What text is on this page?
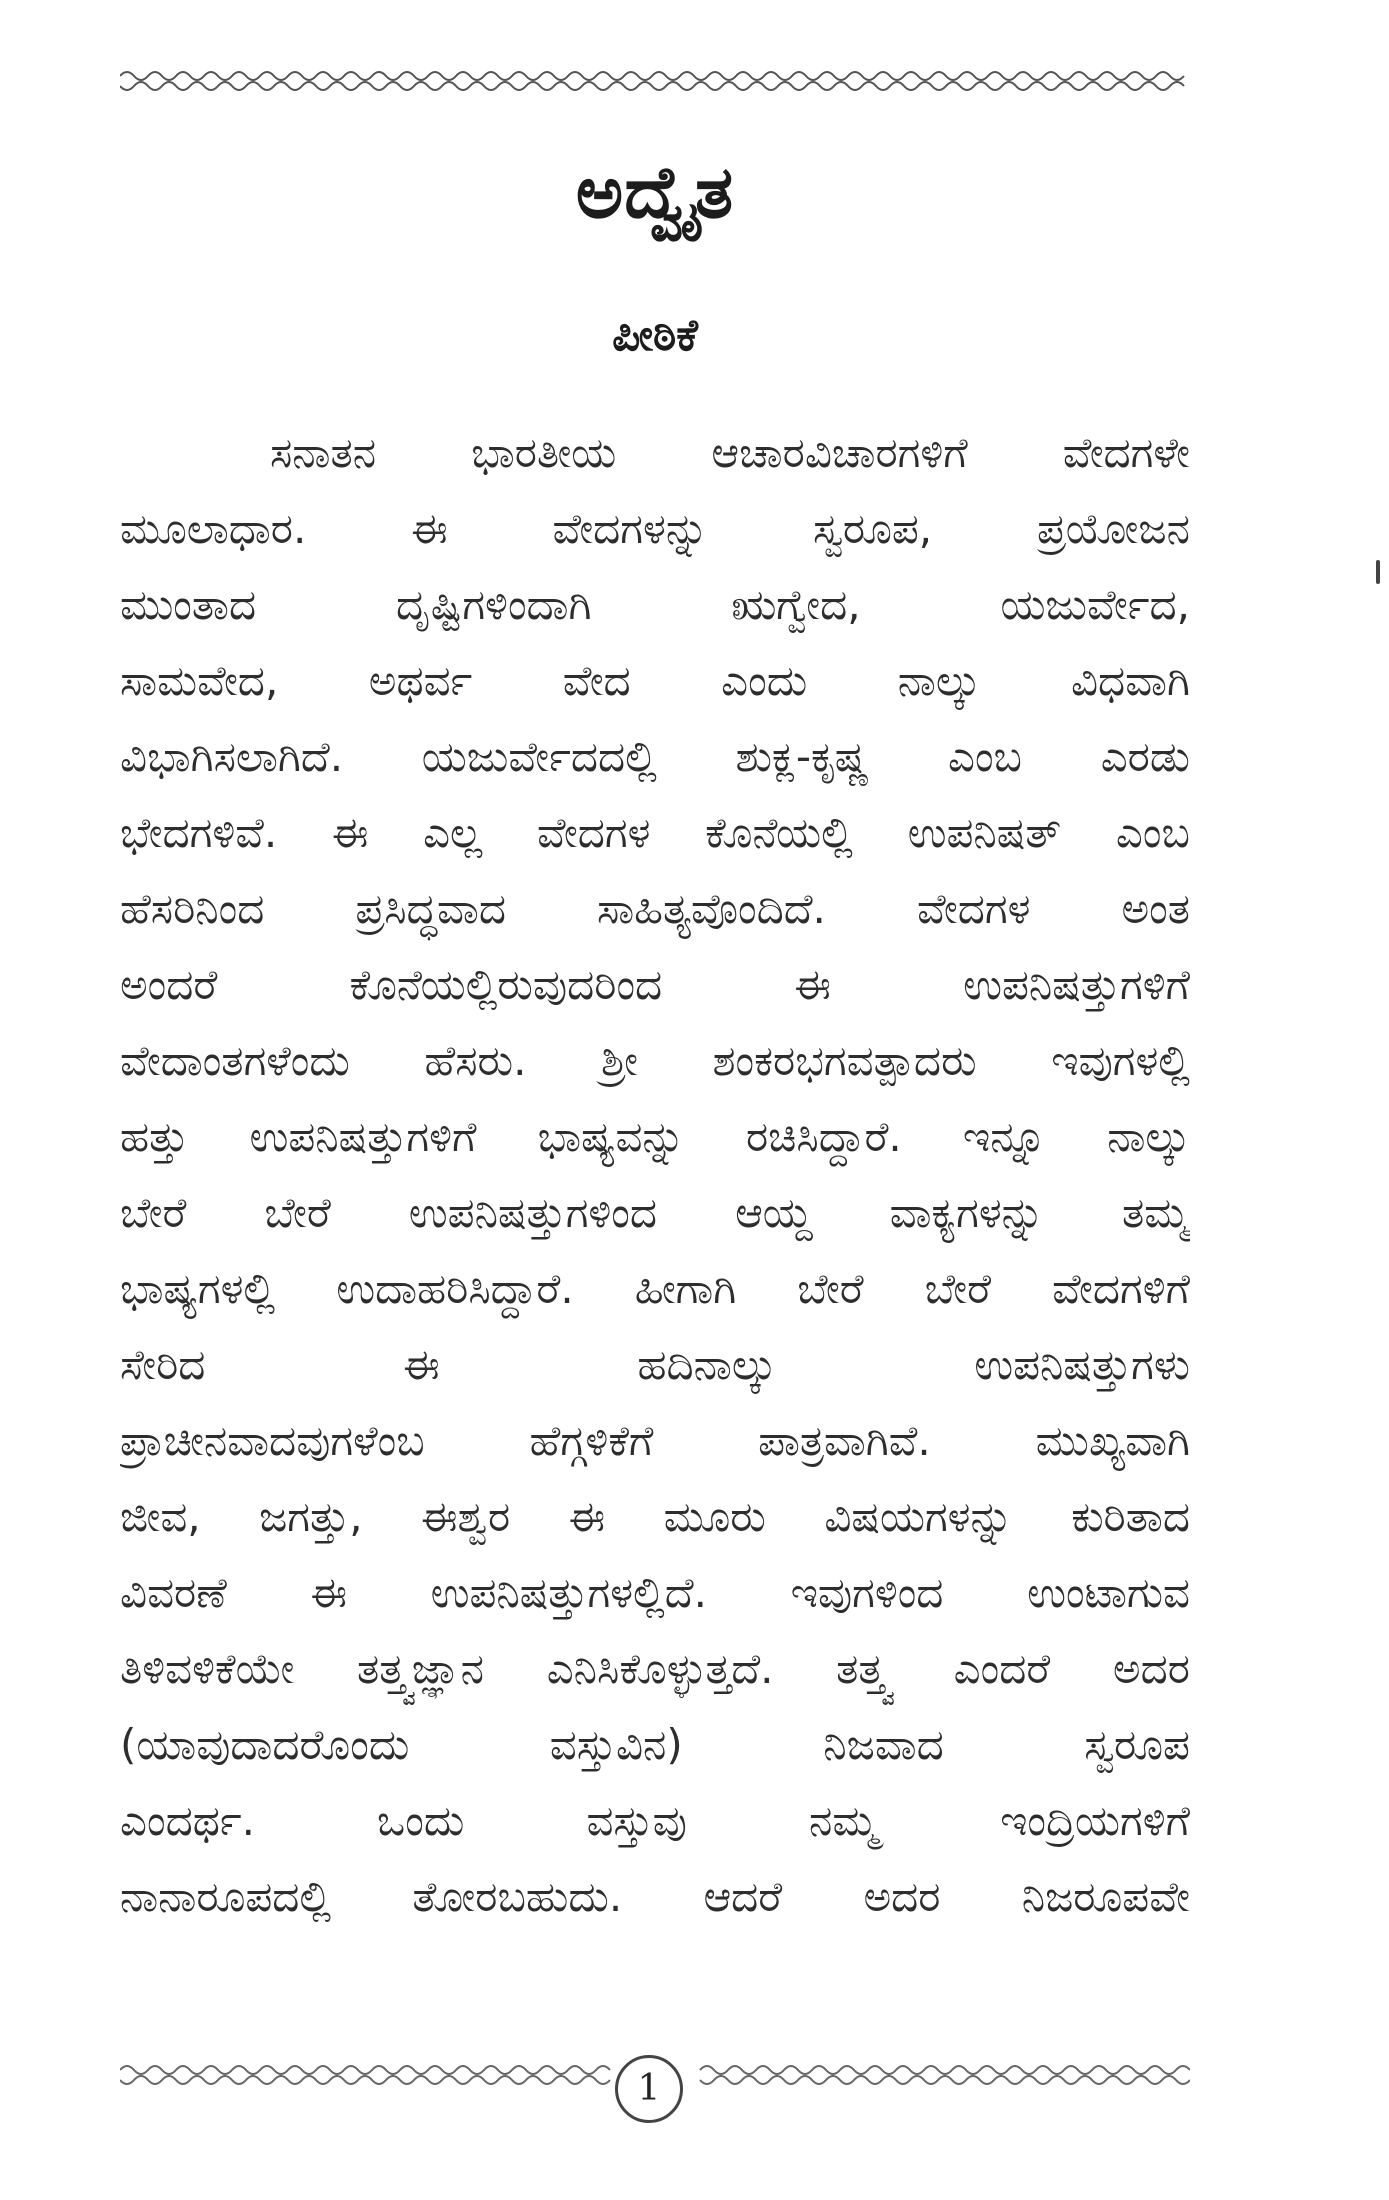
ಅದ್ವೈತ
ಪೀಠಿಕೆ
ಸನಾತನ ಭಾರತೀಯ ಆಚಾರವಿಚಾರಗಳಿಗೆ ವೇದಗಳೇ
ಮೂಲಾಧಾರ. ಈ ವೇದಗಳನ್ನು ಸ್ವರೂಪ, ಪ್ರಯೋಜನ
ಮುಂತಾದ	ದೃಷ್ಟಿಗಳಿಂದಾಗಿ	ಋಗ್ವೇದ,	ಯಜುರ್ವೇದ,
ಸಾಮವೇದ, ಅಥರ್ವ ವೇದ ಎಂದು ನಾಲ್ಕು ವಿಧವಾಗಿ
ವಿಭಾಗಿಸಲಾಗಿದೆ. ಯಜುರ್ವೇದದಲ್ಲಿ ಶುಕ್ಲ-ಕೃಷ್ಣ ಎಂಬ ಎರಡು
ಭೇದಗಳಿವೆ. ಈ ಎಲ್ಲ ವೇದಗಳ ಕೊನೆಯಲ್ಲಿ ಉಪನಿಷತ್ ಎಂಬ
ಹೆಸರಿನಿಂದ ಪ್ರಸಿದ್ಧವಾದ ಸಾಹಿತ್ಯವೊಂದಿದೆ. ವೇದಗಳ ಅಂತ
ಅಂದರೆ	ಕೊನೆಯಲ್ಲಿರುವುದರಿಂದ	ಈ	ಉಪನಿಷತ್ತುಗಳಿಗೆ
ವೇದಾಂತಗಳೆಂದು ಹೆಸರು. ಶ್ರೀ ಶಂಕರಭಗವತ್ಪಾದರು ಇವುಗಳಲ್ಲಿ
ಹತ್ತು ಉಪನಿಷತ್ತುಗಳಿಗೆ ಭಾಷ್ಯವನ್ನು ರಚಿಸಿದ್ದಾರೆ. ಇನ್ನೂ ನಾಲ್ಕು
ಬೇರೆ ಬೇರೆ ಉಪನಿಷತ್ತುಗಳಿಂದ ಆಯ್ದ ವಾಕ್ಯಗಳನ್ನು ತಮ್ಮ
ಭಾಷ್ಯಗಳಲ್ಲಿ ಉದಾಹರಿಸಿದ್ದಾರೆ. ಹೀಗಾಗಿ ಬೇರೆ ಬೇರೆ ವೇದಗಳಿಗೆ
ಸೇರಿದ	ಈ	ಹದಿನಾಲ್ಕು	ಉಪನಿಷತ್ತುಗಳು
ಪ್ರಾಚೀನವಾದವುಗಳೆಂಬ ಹೆಗ್ಗಳಿಕೆಗೆ ಪಾತ್ರವಾಗಿವೆ. ಮುಖ್ಯವಾಗಿ
ಜೀವ, ಜಗತ್ತು, ಈಶ್ವರ ಈ ಮೂರು ವಿಷಯಗಳನ್ನು ಕುರಿತಾದ
ವಿವರಣೆ ಈ ಉಪನಿಷತ್ತುಗಳಲ್ಲಿದೆ. ಇವುಗಳಿಂದ ಉಂಟಾಗುವ
ತಿಳಿವಳಿಕೆಯೇ ತತ್ತ್ವಜ್ಞಾನ ಎನಿಸಿಕೊಳ್ಳುತ್ತದೆ. ತತ್ತ್ವ ಎಂದರೆ ಅದರ
(ಯಾವುದಾದರೊಂದು	ವಸ್ತುವಿನ)	ನಿಜವಾದ	ಸ್ವರೂಪ
ಎಂದರ್ಥ.	ಒಂದು	ವಸ್ತುವು	ನಮ್ಮ	ಇಂದ್ರಿಯಗಳಿಗೆ
ನಾನಾರೂಪದಲ್ಲಿ ತೋರಬಹುದು. ಆದರೆ ಅದರ ನಿಜರೂಪವೇ
1
